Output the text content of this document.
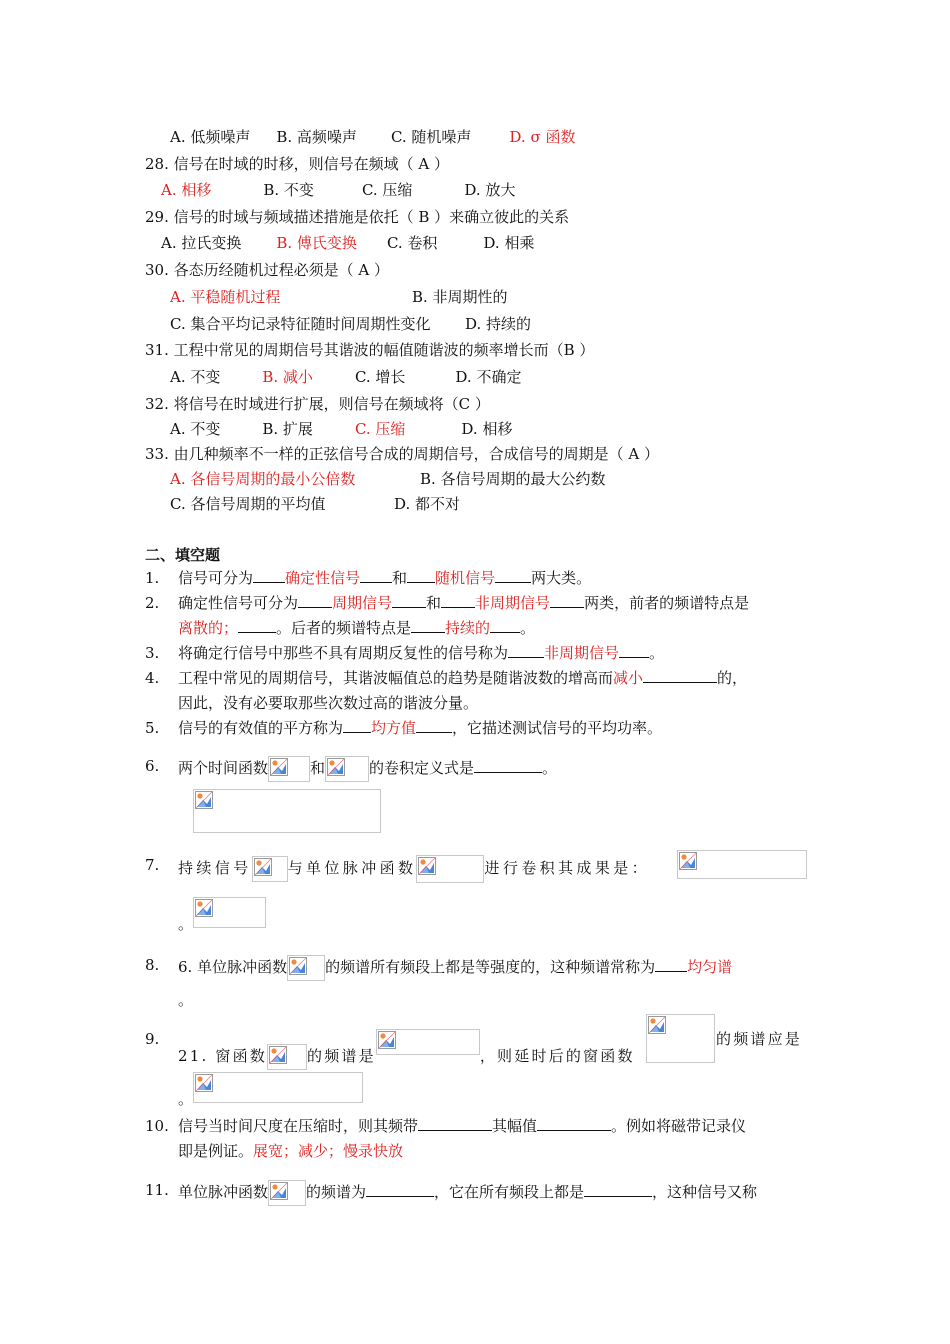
A. 低频噪声 B. 高频噪声 C. 随机噪声	D. σ 函数
28. 信号在时域的时移，则信号在频域（ A ）
A. 相移	B. 不变	C. 压缩	D. 放大
29. 信号的时域与频域描述措施是依托（ B ）来确立彼此的关系
A. 拉氏变换 B. 傅氏变换 C. 卷积	D. 相乘
30. 各态历经随机过程必须是（ A ）
A. 平稳随机过程	B. 非周期性的
C. 集合平均记录特征随时间周期性变化 D. 持续的
31. 工程中常见的周期信号其谐波的幅值随谐波的频率增长而（B ）
A. 不变	B. 减小	C. 增长	D. 不确定
32. 将信号在时域进行扩展，则信号在频域将（C ）
A. 不变	B. 扩展	C. 压缩	D. 相移
33. 由几种频率不一样的正弦信号合成的周期信号，合成信号的周期是（ A ）
A. 各信号周期的最小公倍数	B. 各信号周期的最大公约数
C. 各信号周期的平均值	D. 都不对
二、填空题
1. 信号可分为 确定性信号 和 随机信号 两大类。
2. 确定性信号可分为 周期信号 和 非周期信号 两类，前者的频谱特点是
离散的；	。后者的频谱特点是 持续的 。
3. 将确定行信号中那些不具有周期反复性的信号称为 非周期信号 。
4. 工程中常见的周期信号，其谐波幅值总的趋势是随谐波数的增高而减小	的，
因此，没有必要取那些次数过高的谐波分量。
5. 信号的有效值的平方称为 均方值 ，它描述测试信号的平均功率。
6. 两个时间函数	和	的卷积定义式是	。
7. 持续信号 与单位脉冲函数	进行卷积其成果是：
。
8. 6. 单位脉冲函数	的频谱所有频段上都是等强度的，这种频谱常称为 均匀谱
。
9.
21. 窗函数	的频谱是	，则延时后的窗函数
的频谱应是
。
10. 信号当时间尺度在压缩时，则其频带	其幅值	。例如将磁带记录仪
即是例证。展宽；减少；慢录快放
11. 单位脉冲函数	的频谱为	，它在所有频段上都是	，这种信号又称
